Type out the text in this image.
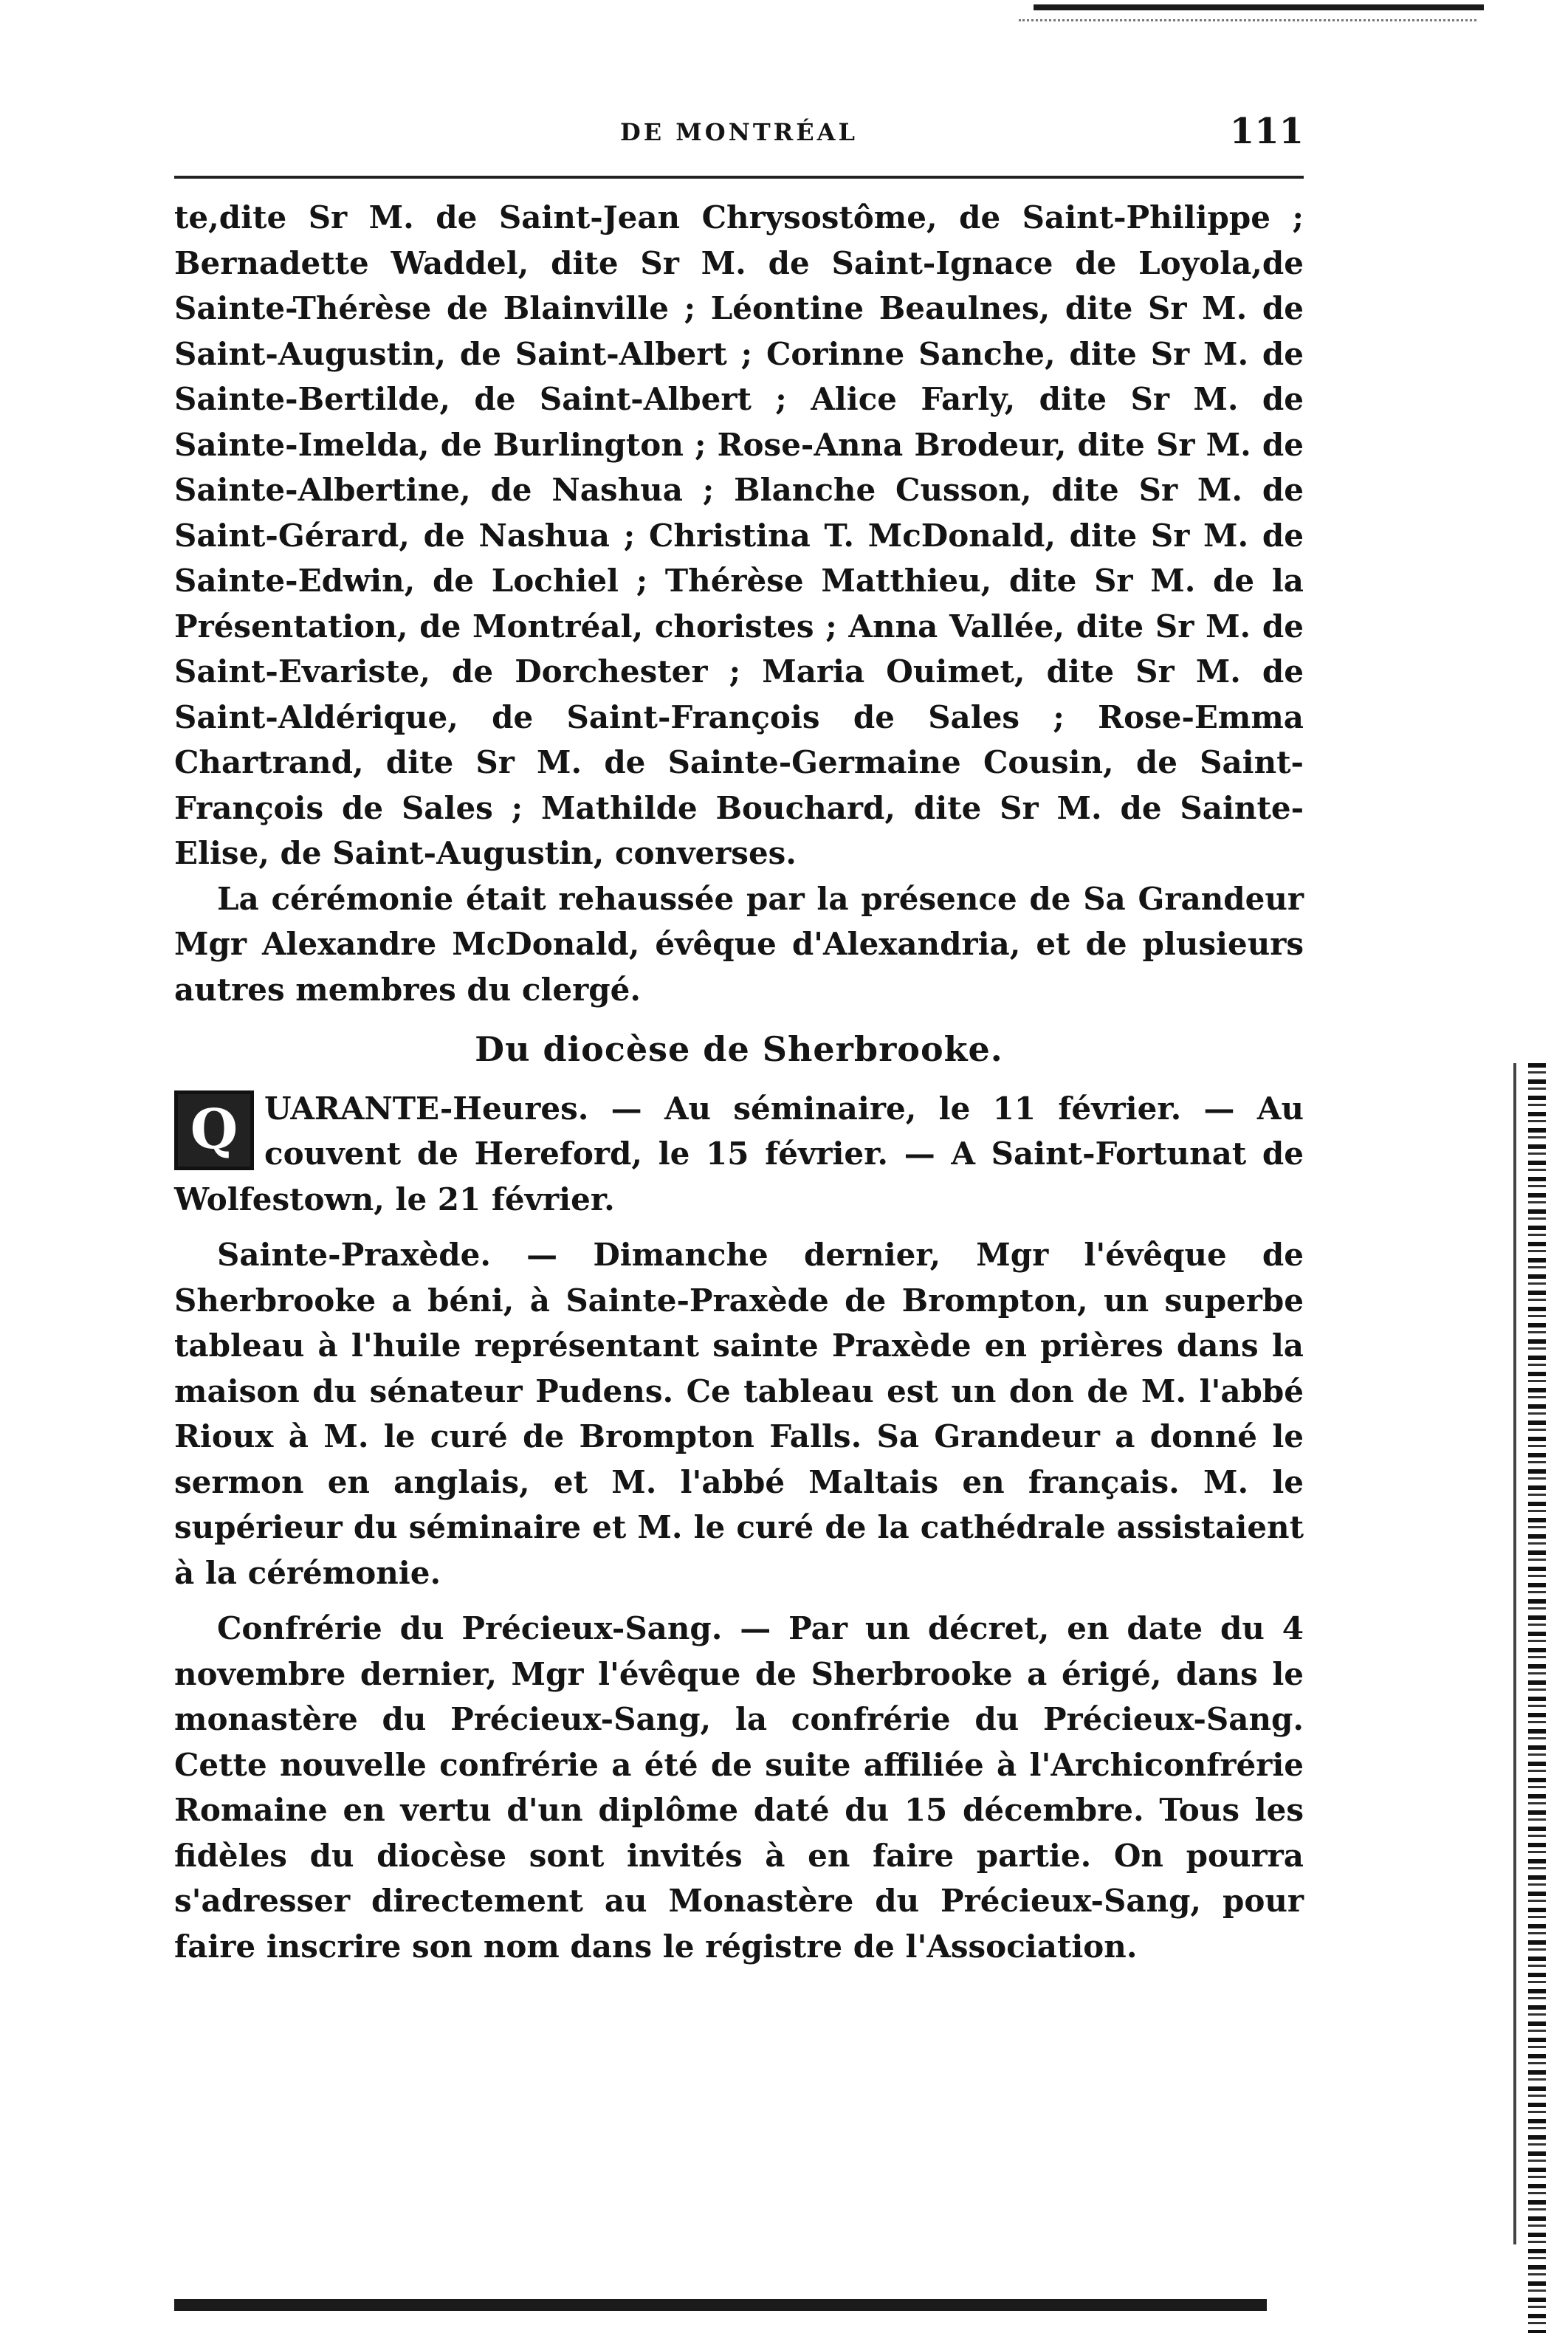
DE MONTRÉAL	111

te,dite Sr M. de Saint-Jean Chrysostôme, de Saint-Philippe ; Bernadette Waddel, dite Sr M. de Saint-Ignace de Loyola,de Sainte-Thérèse de Blainville ; Léontine Beaulnes, dite Sr M. de Saint-Augustin, de Saint-Albert ; Corinne Sanche, dite Sr M. de Sainte-Bertilde, de Saint-Albert ; Alice Farly, dite Sr M. de Sainte-Imelda, de Burlington ; Rose-Anna Brodeur, dite Sr M. de Sainte-Albertine, de Nashua ; Blanche Cusson, dite Sr M. de Saint-Gérard, de Nashua ; Christina T. McDonald, dite Sr M. de Sainte-Edwin, de Lochiel ; Thérèse Matthieu, dite Sr M. de la Présentation, de Montréal, choristes ; Anna Vallée, dite Sr M. de Saint-Evariste, de Dorchester ; Maria Ouimet, dite Sr M. de Saint-Aldérique, de Saint-François de Sales ; Rose-Emma Chartrand, dite Sr M. de Sainte-Germaine Cousin, de Saint-François de Sales ; Mathilde Bouchard, dite Sr M. de Sainte-Elise, de Saint-Augustin, converses.

La cérémonie était rehaussée par la présence de Sa Grandeur Mgr Alexandre McDonald, évêque d'Alexandria, et de plusieurs autres membres du clergé.

Du diocèse de Sherbrooke.

Q UARANTE-Heures. — Au séminaire, le 11 février. — Au couvent de Hereford, le 15 février. — A Saint-Fortunat de Wolfestown, le 21 février.

Sainte-Praxède. — Dimanche dernier, Mgr l'évêque de Sherbrooke a béni, à Sainte-Praxède de Brompton, un superbe tableau à l'huile représentant sainte Praxède en prières dans la maison du sénateur Pudens. Ce tableau est un don de M. l'abbé Rioux à M. le curé de Brompton Falls. Sa Grandeur a donné le sermon en anglais, et M. l'abbé Maltais en français. M. le supérieur du séminaire et M. le curé de la cathédrale assistaient à la cérémonie.

Confrérie du Précieux-Sang. — Par un décret, en date du 4 novembre dernier, Mgr l'évêque de Sherbrooke a érigé, dans le monastère du Précieux-Sang, la confrérie du Précieux-Sang. Cette nouvelle confrérie a été de suite affiliée à l'Archiconfrérie Romaine en vertu d'un diplôme daté du 15 décembre. Tous les fidèles du diocèse sont invités à en faire partie. On pourra s'adresser directement au Monastère du Précieux-Sang, pour faire inscrire son nom dans le régistre de l'Association.
